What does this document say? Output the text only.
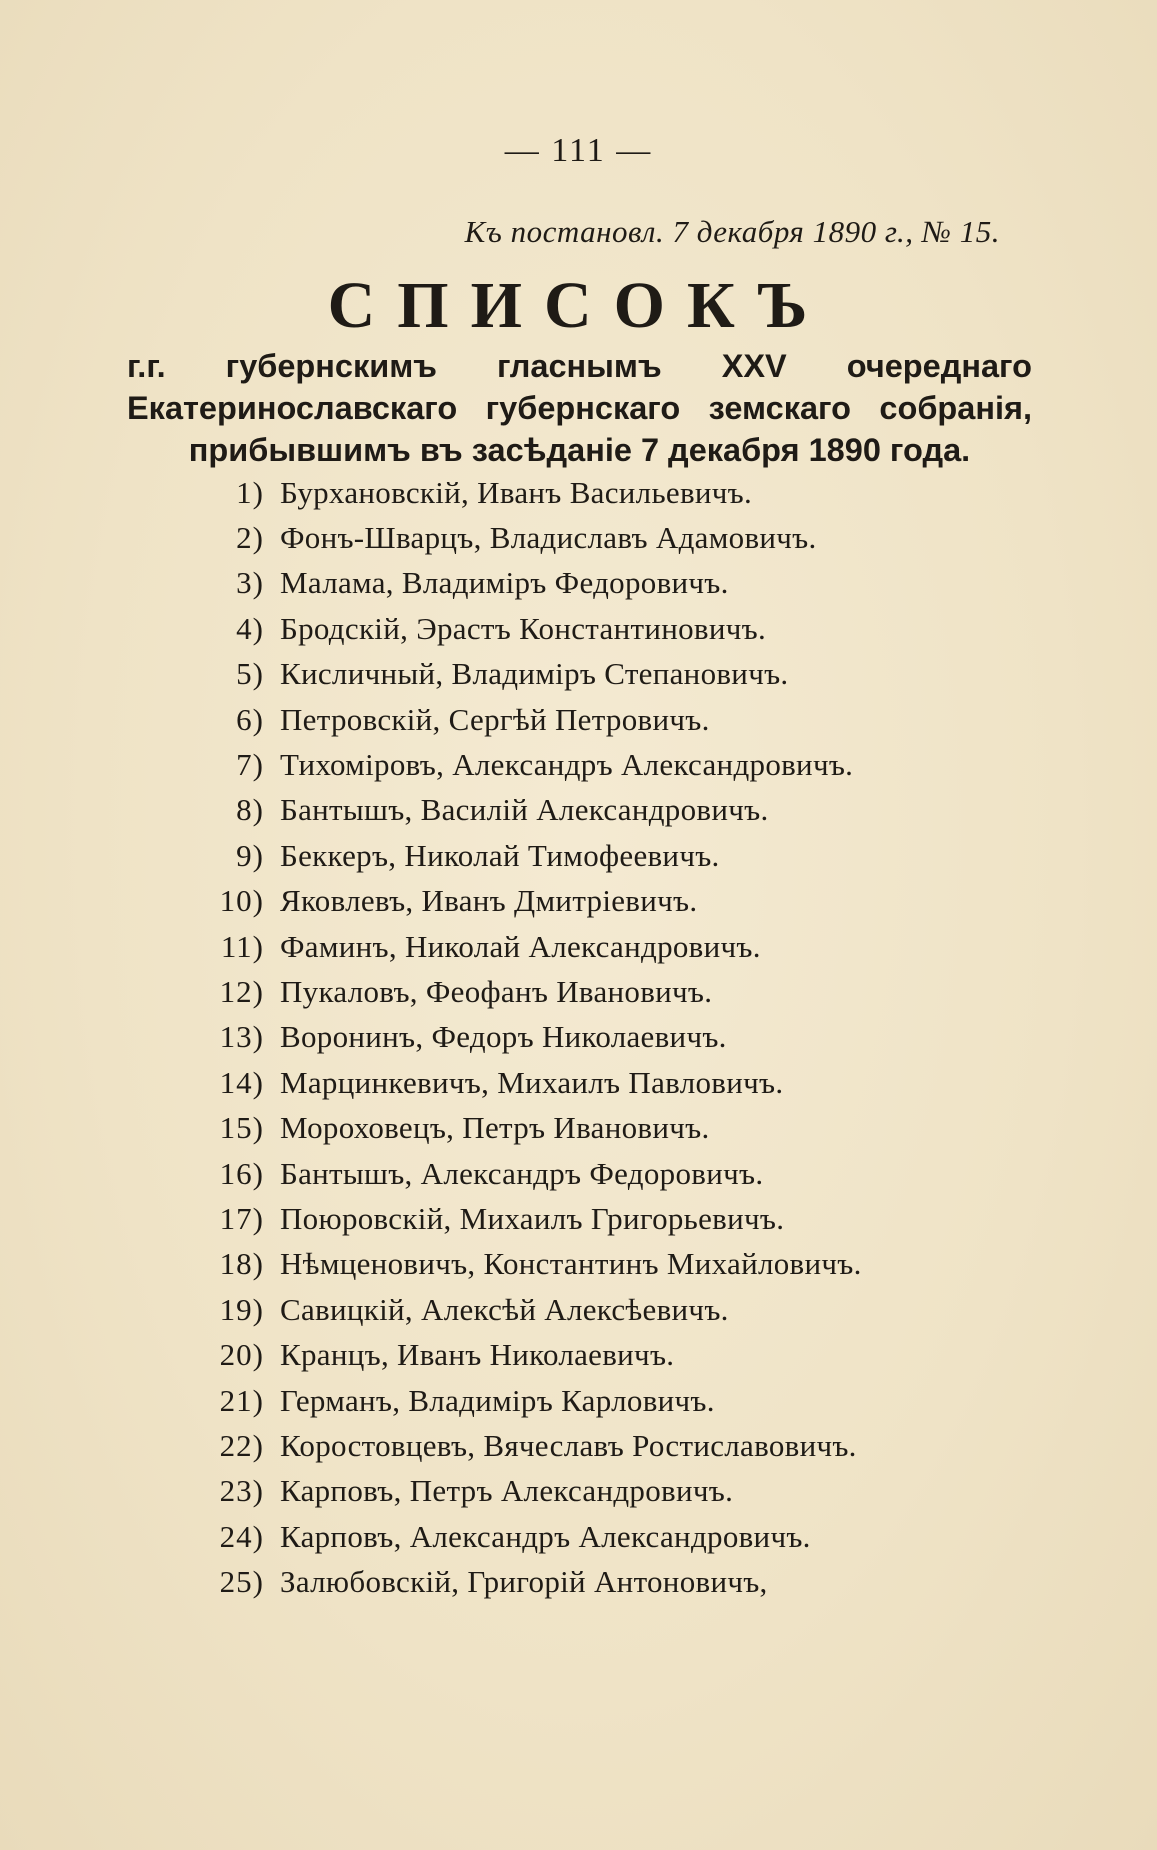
— 111 —
Къ постановл. 7 декабря 1890 г., № 15.
СПИСОКЪ
г.г. губернскимъ гласнымъ XXV очереднаго Екатеринославскаго губернскаго земскаго собранія, прибывшимъ въ засѣданіе 7 декабря 1890 года.
1) Бурхановскій, Иванъ Васильевичъ.
2) Фонъ-Шварцъ, Владиславъ Адамовичъ.
3) Малама, Владиміръ Федоровичъ.
4) Бродскій, Эрастъ Константиновичъ.
5) Кисличный, Владиміръ Степановичъ.
6) Петровскій, Сергѣй Петровичъ.
7) Тихоміровъ, Александръ Александровичъ.
8) Бантышъ, Василій Александровичъ.
9) Беккеръ, Николай Тимофеевичъ.
10) Яковлевъ, Иванъ Дмитріевичъ.
11) Фаминъ, Николай Александровичъ.
12) Пукаловъ, Феофанъ Ивановичъ.
13) Воронинъ, Федоръ Николаевичъ.
14) Марцинкевичъ, Михаилъ Павловичъ.
15) Мороховецъ, Петръ Ивановичъ.
16) Бантышъ, Александръ Федоровичъ.
17) Поюровскій, Михаилъ Григорьевичъ.
18) Нѣмценовичъ, Константинъ Михайловичъ.
19) Савицкій, Алексѣй Алексѣевичъ.
20) Кранцъ, Иванъ Николаевичъ.
21) Германъ, Владиміръ Карловичъ.
22) Коростовцевъ, Вячеславъ Ростиславовичъ.
23) Карповъ, Петръ Александровичъ.
24) Карповъ, Александръ Александровичъ.
25) Залюбовскій, Григорій Антоновичъ,
